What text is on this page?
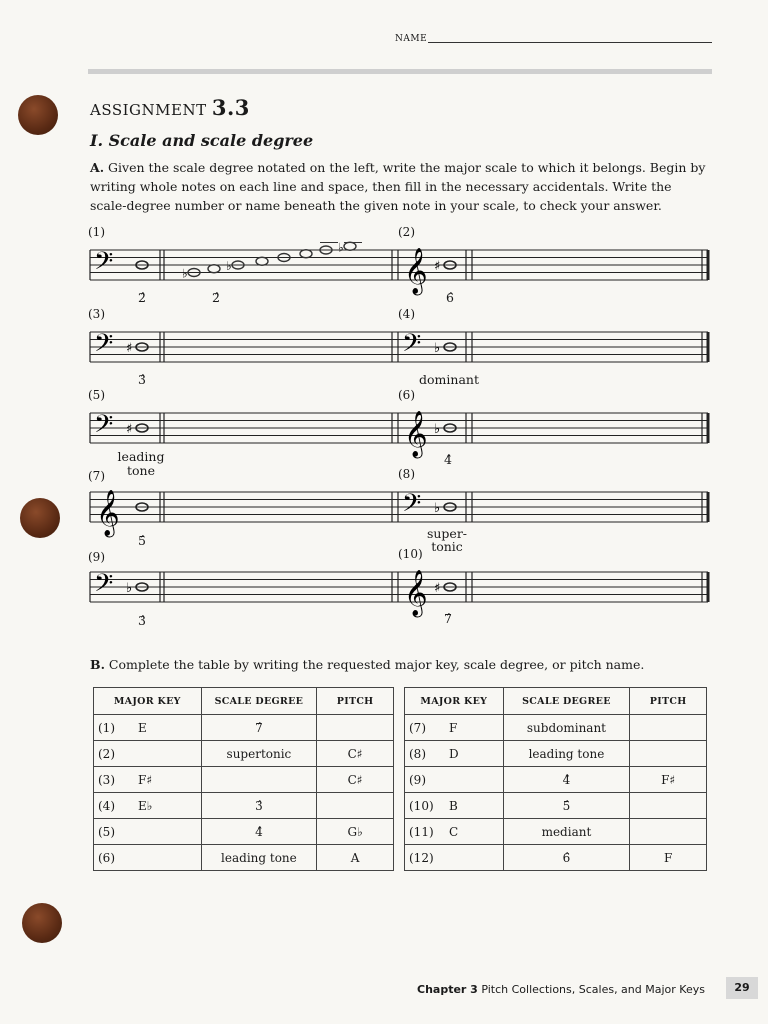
NAME
ASSIGNMENT 3.3
I. Scale and scale degree
A. Given the scale degree notated on the left, write the major scale to which it belongs. Begin by writing whole notes on each line and space, then fill in the necessary accidentals. Write the scale-degree number or name beneath the given note in your scale, to check your answer.
𝄢	𝄞 ♯
𝄢 ♯	𝄢 ♭
𝄢 ♯	𝄞 ♭
𝄞	𝄢 ♭
𝄢 ♭	𝄞 ♯
♭
♭
♭
(1)	(2)
(3)	(4)
(5)	(6)
(7)	(8)
(9)	(10)
2̂	2̂	6̂
3̂	dominant
leading tone
4̂
5̂	super-tonic
3̂	7̂
B. Complete the table by writing the requested major key, scale degree, or pitch name.
MAJOR KEY	SCALE DEGREE	PITCH
(1) E	7̂	
(2)	supertonic	C♯
(3) F♯		C♯
(4) E♭	3̂	
(5)	4̂	G♭
(6)	leading tone	A
MAJOR KEY	SCALE DEGREE	PITCH
(7) F	subdominant	
(8) D	leading tone	
(9)	4̂	F♯
(10) B	5̂	
(11) C	mediant	
(12)	6̂	F
Chapter 3 Pitch Collections, Scales, and Major Keys	29
